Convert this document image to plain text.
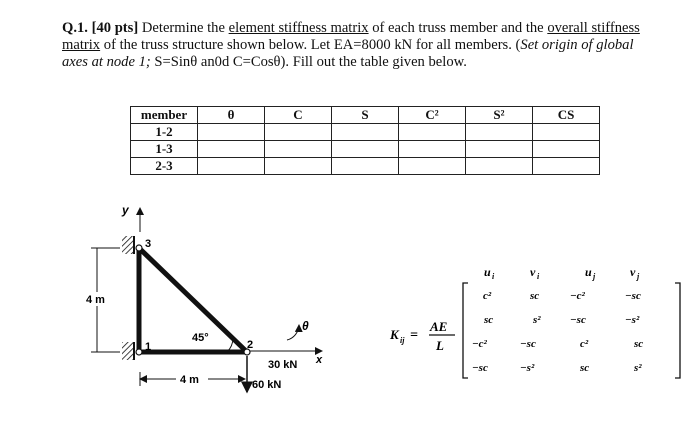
Q.1. [40 pts] Determine the element stiffness matrix of each truss member and the overall stiffness matrix of the truss structure shown below. Let EA=8000 kN for all members. (Set origin of global axes at node 1; S=Sinθ an0d C=Cosθ). Fill out the table given below.
member	θ	C	S	C²	S²	CS
1-2						
1-3						
2-3						
y
x
3
1	2
45°
θ
4 m
4 m
30 kN
60 kN
K ij =
AE
L
u i	v i	u j	v j
c²	sc	−c²	−sc
sc	s²	−sc	−s²
−c²	−sc	c²	sc
−sc	−s²	sc	s²
